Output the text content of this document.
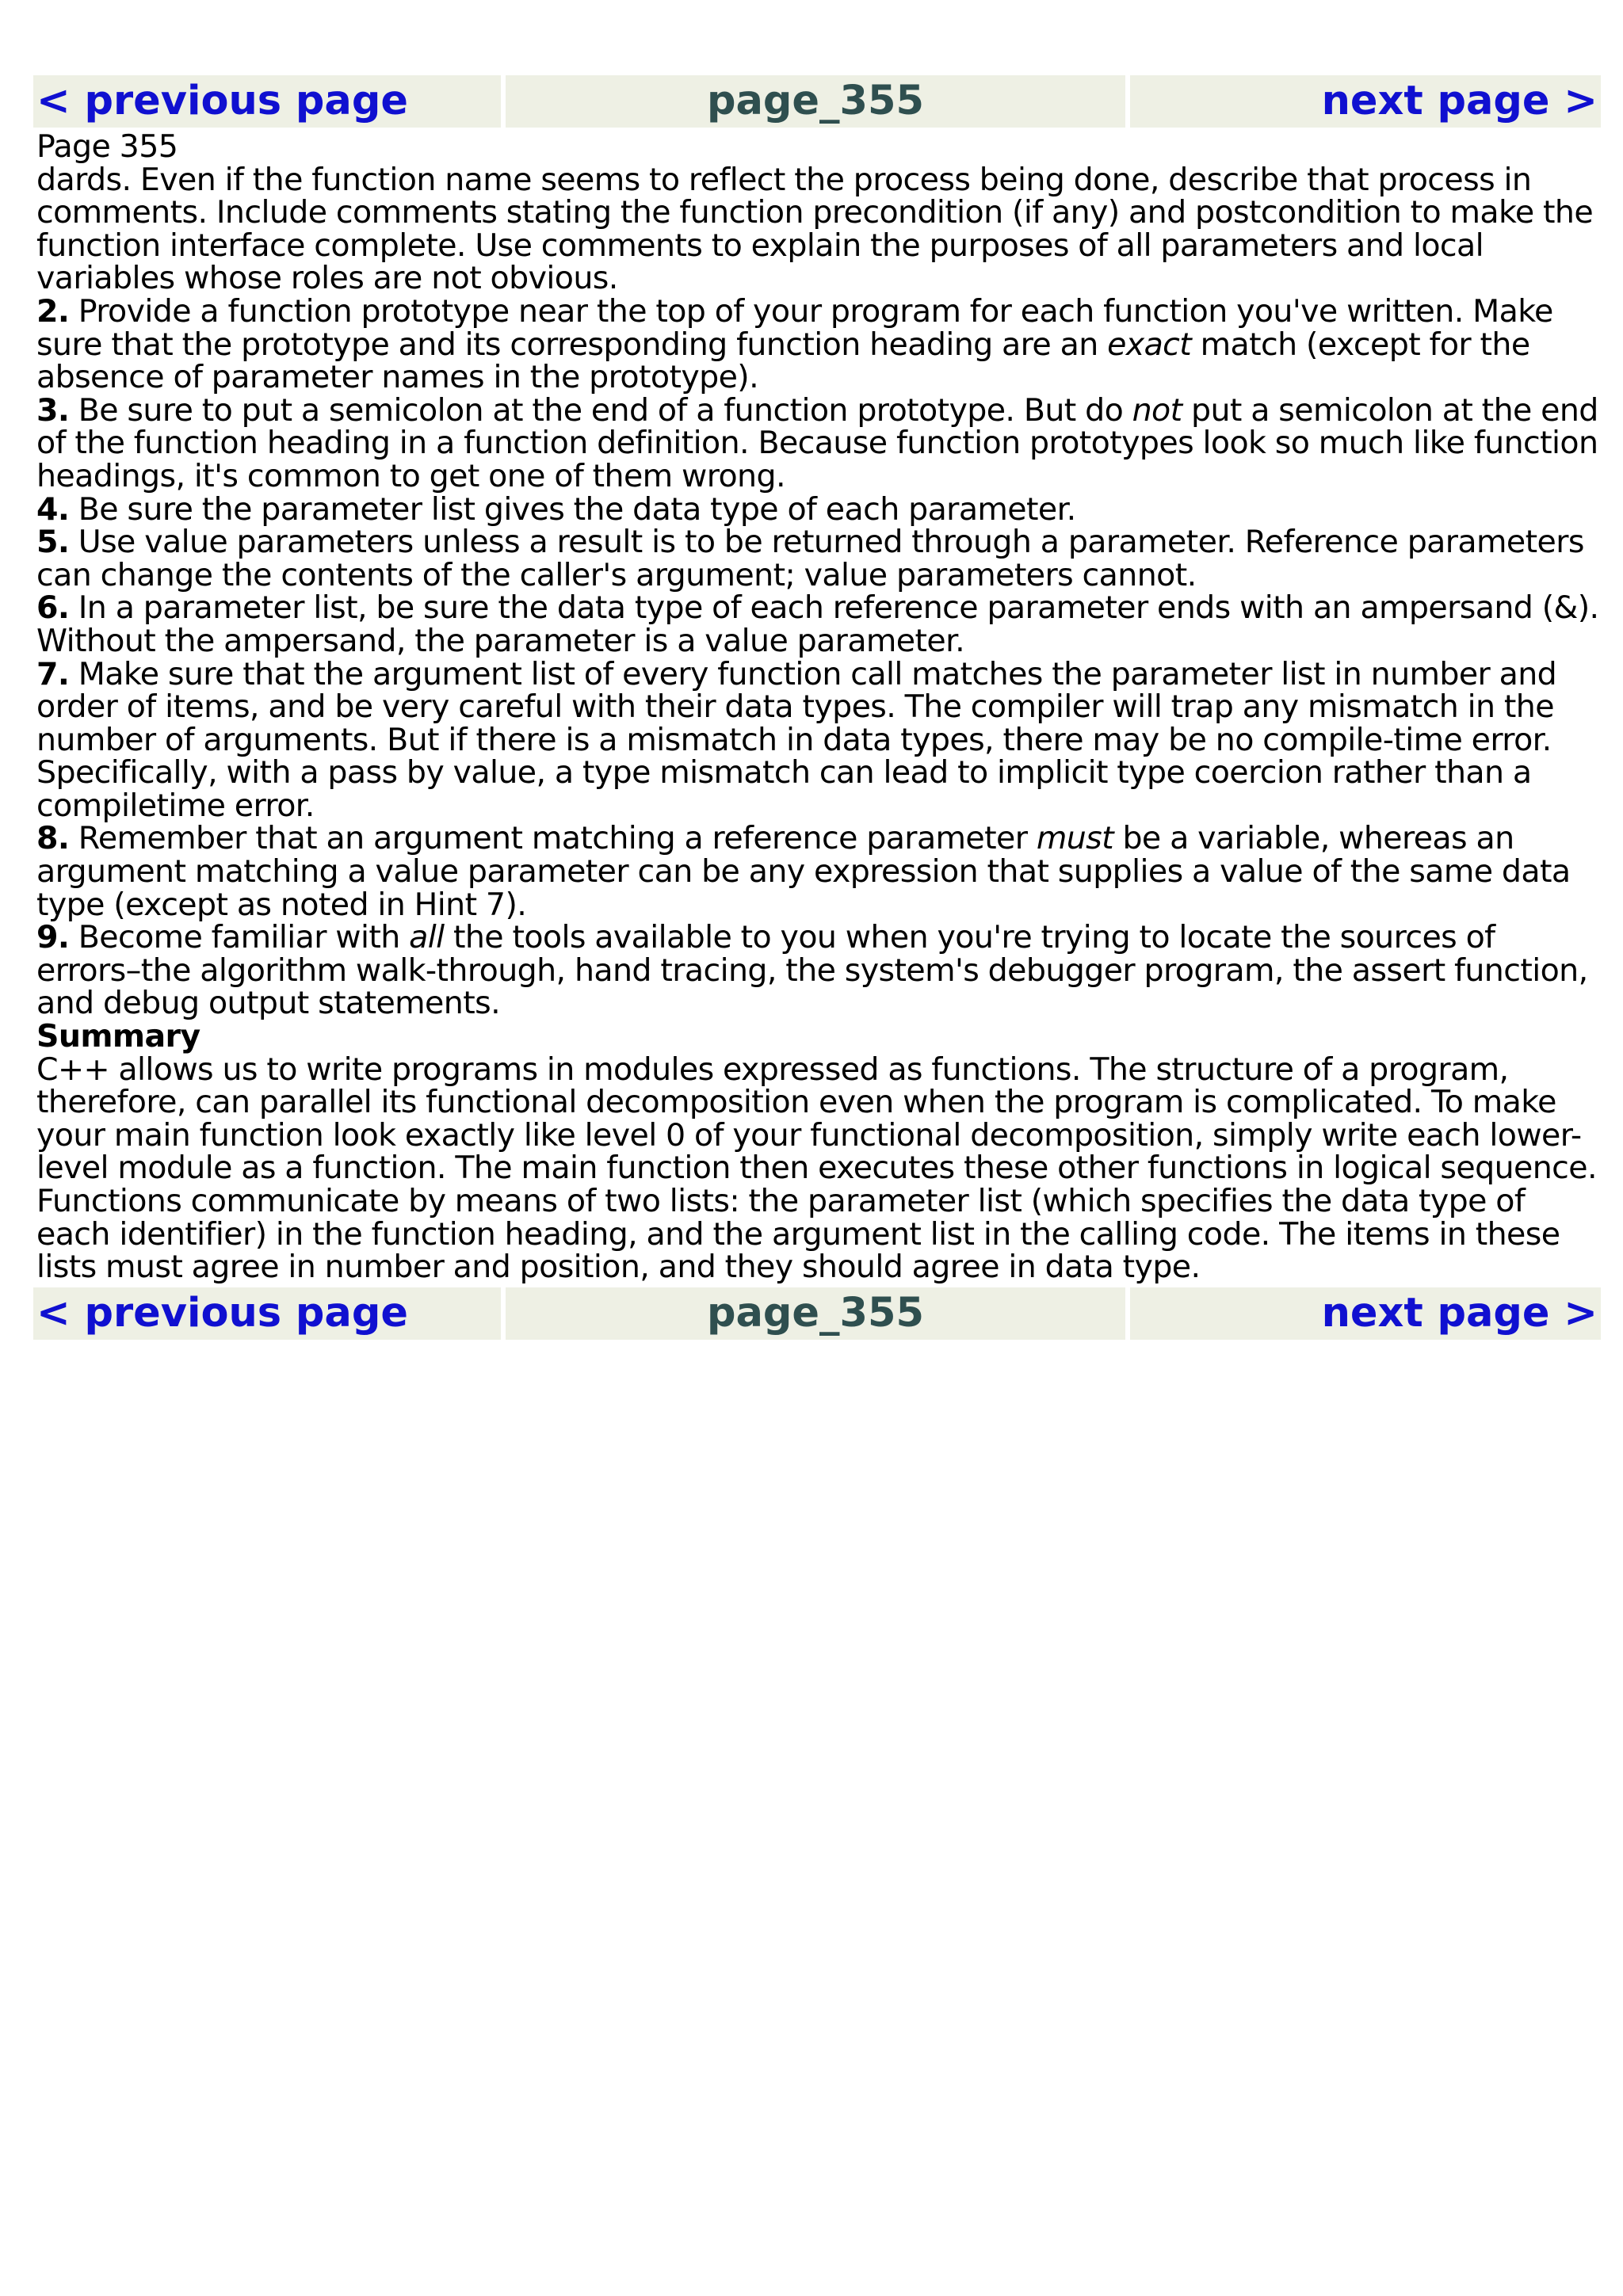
< previous page	page_355	next page >

Page 355

dards. Even if the function name seems to reflect the process being done, describe that process in comments. Include comments stating the function precondition (if any) and postcondition to make the function interface complete. Use comments to explain the purposes of all parameters and local variables whose roles are not obvious.

2. Provide a function prototype near the top of your program for each function you've written. Make sure that the prototype and its corresponding function heading are an exact match (except for the absence of parameter names in the prototype).

3. Be sure to put a semicolon at the end of a function prototype. But do not put a semicolon at the end of the function heading in a function definition. Because function prototypes look so much like function headings, it's common to get one of them wrong.

4. Be sure the parameter list gives the data type of each parameter.

5. Use value parameters unless a result is to be returned through a parameter. Reference parameters can change the contents of the caller's argument; value parameters cannot.

6. In a parameter list, be sure the data type of each reference parameter ends with an ampersand (&). Without the ampersand, the parameter is a value parameter.

7. Make sure that the argument list of every function call matches the parameter list in number and order of items, and be very careful with their data types. The compiler will trap any mismatch in the number of arguments. But if there is a mismatch in data types, there may be no compile-time error. Specifically, with a pass by value, a type mismatch can lead to implicit type coercion rather than a compiletime error.

8. Remember that an argument matching a reference parameter must be a variable, whereas an argument matching a value parameter can be any expression that supplies a value of the same data type (except as noted in Hint 7).

9. Become familiar with all the tools available to you when you're trying to locate the sources of errors–the algorithm walk-through, hand tracing, the system's debugger program, the assert function, and debug output statements.

Summary

C++ allows us to write programs in modules expressed as functions. The structure of a program, therefore, can parallel its functional decomposition even when the program is complicated. To make your main function look exactly like level 0 of your functional decomposition, simply write each lower-level module as a function. The main function then executes these other functions in logical sequence.

Functions communicate by means of two lists: the parameter list (which specifies the data type of each identifier) in the function heading, and the argument list in the calling code. The items in these lists must agree in number and position, and they should agree in data type.

< previous page	page_355	next page >
